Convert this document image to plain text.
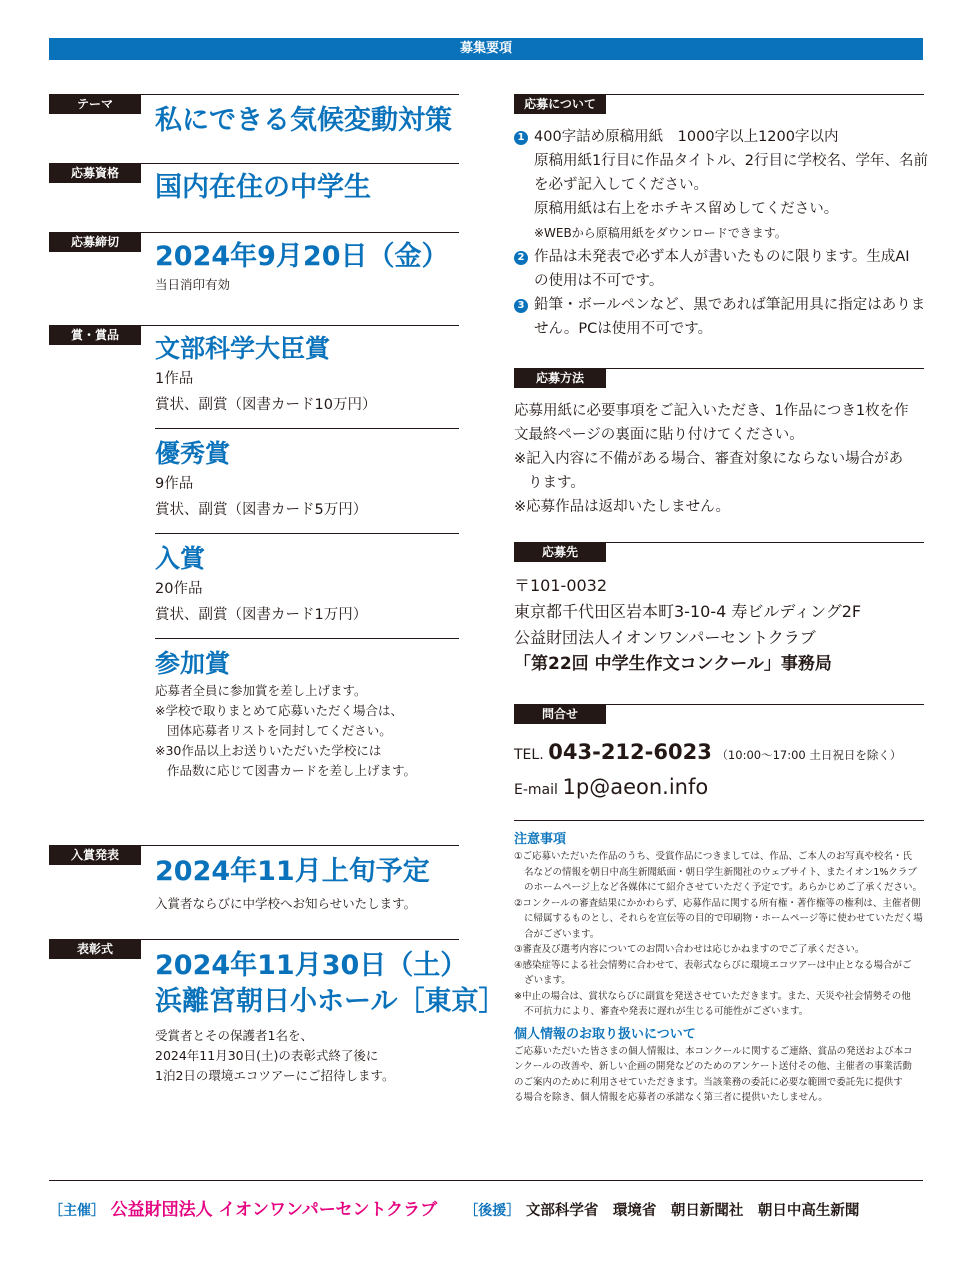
募集要項
テーマ
私にできる気候変動対策
応募資格	国内在住の中学生
応募締切	2024年9月20日（金）
当日消印有効
賞・賞品	文部科学大臣賞
1作品
賞状、副賞（図書カード10万円）
優秀賞
9作品
賞状、副賞（図書カード5万円）
入賞
20作品
賞状、副賞（図書カード1万円）
参加賞
応募者全員に参加賞を差し上げます。
※学校で取りまとめて応募いただく場合は、
団体応募者リストを同封してください。
※30作品以上お送りいただいた学校には
作品数に応じて図書カードを差し上げます。
入賞発表
2024年11月上旬予定
入賞者ならびに中学校へお知らせいたします。
表彰式
2024年11月30日（土）
浜離宮朝日小ホール［東京］
受賞者とその保護者1名を、
2024年11月30日(土)の表彰式終了後に
1泊2日の環境エコツアーにご招待します。
応募について
1 400字詰め原稿用紙　1000字以上1200字以内
原稿用紙1行目に作品タイトル、2行目に学校名、学年、名前
を必ず記入してください。
原稿用紙は右上をホチキス留めしてください。
※WEBから原稿用紙をダウンロードできます。
2 作品は未発表で必ず本人が書いたものに限ります。生成AI
の使用は不可です。
3 鉛筆・ボールペンなど、黒であれば筆記用具に指定はありま
せん。PCは使用不可です。
応募方法
応募用紙に必要事項をご記入いただき、1作品につき1枚を作
文最終ページの裏面に貼り付けてください。
※記入内容に不備がある場合、審査対象にならない場合があ
ります。
※応募作品は返却いたしません。
応募先
〒101-0032
東京都千代田区岩本町3-10-4 寿ビルディング2F
公益財団法人イオンワンパーセントクラブ
「第22回 中学生作文コンクール」事務局
問合せ
TEL. 043-212-6023 （10:00〜17:00 土日祝日を除く）
E-mail 1p@aeon.info
注意事項
①ご応募いただいた作品のうち、受賞作品につきましては、作品、ご本人のお写真や校名・氏
名などの情報を朝日中高生新聞紙面・朝日学生新聞社のウェブサイト、またイオン1%クラブ
のホームページ上など各媒体にて紹介させていただく予定です。あらかじめご了承ください。
②コンクールの審査結果にかかわらず、応募作品に関する所有権・著作権等の権利は、主催者側
に帰属するものとし、それらを宣伝等の目的で印刷物・ホームページ等に使わせていただく場
合がございます。
③審査及び選考内容についてのお問い合わせは応じかねますのでご了承ください。
④感染症等による社会情勢に合わせて、表彰式ならびに環境エコツアーは中止となる場合がご
ざいます。
※中止の場合は、賞状ならびに副賞を発送させていただきます。また、天災や社会情勢その他
不可抗力により、審査や発表に遅れが生じる可能性がございます。
個人情報のお取り扱いについて
ご応募いただいた皆さまの個人情報は、本コンクールに関するご連絡、賞品の発送および本コ
ンクールの改善や、新しい企画の開発などのためのアンケート送付その他、主催者の事業活動
のご案内のために利用させていただきます。当該業務の委託に必要な範囲で委託先に提供す
る場合を除き、個人情報を応募者の承諾なく第三者に提供いたしません。
［主催］ 公益財団法人 イオンワンパーセントクラブ ［後援］ 文部科学省　環境省　朝日新聞社　朝日中高生新聞
